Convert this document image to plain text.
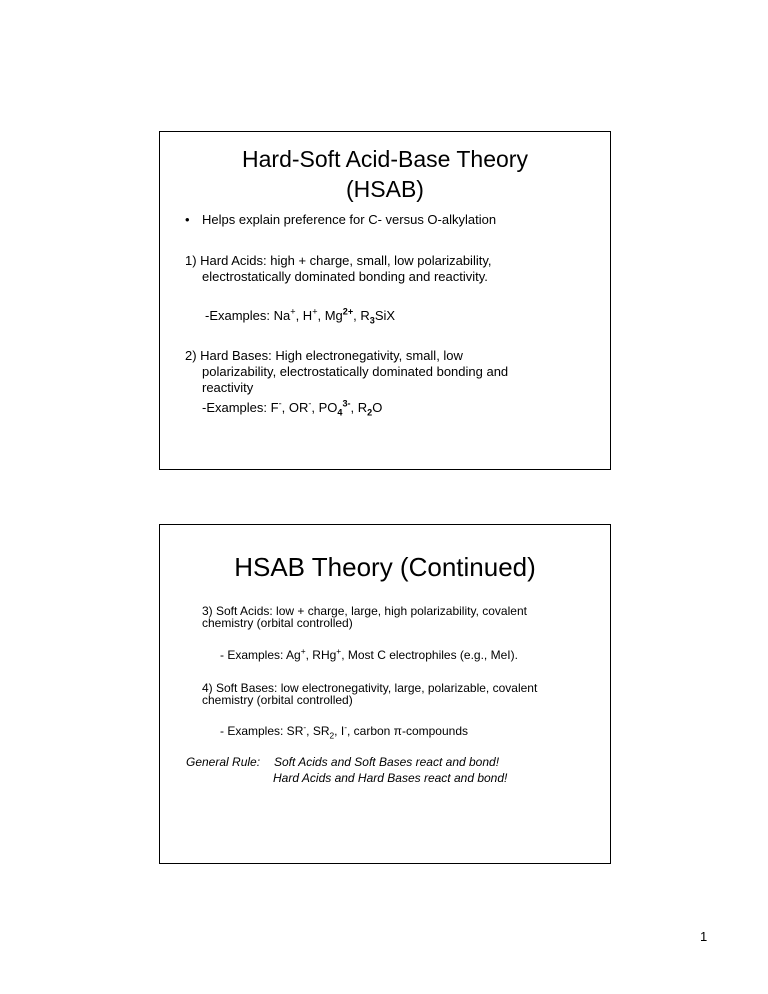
Hard-Soft Acid-Base Theory
(HSAB)
• Helps explain preference for C- versus O-alkylation
1) Hard Acids: high + charge, small, low polarizability,
electrostatically dominated bonding and reactivity.
-Examples: Na+, H+, $Mg^{2+}$, $R_3SiX$
2) Hard Bases: High electronegativity, small, low
polarizability, electrostatically dominated bonding and
reactivity
-Examples: F-, OR-, $PO_4^{3-}$, $R_2O$
HSAB Theory (Continued)
3) Soft Acids: low + charge, large, high polarizability, covalent
chemistry (orbital controlled)
- Examples: Ag+, RHg+, Most C electrophiles (e.g., MeI).
4) Soft Bases: low electronegativity, large, polarizable, covalent
chemistry (orbital controlled)
- Examples: SR-, $SR_2$, I-, carbon π-compounds
General Rule: Soft Acids and Soft Bases react and bond!
Hard Acids and Hard Bases react and bond!
1
